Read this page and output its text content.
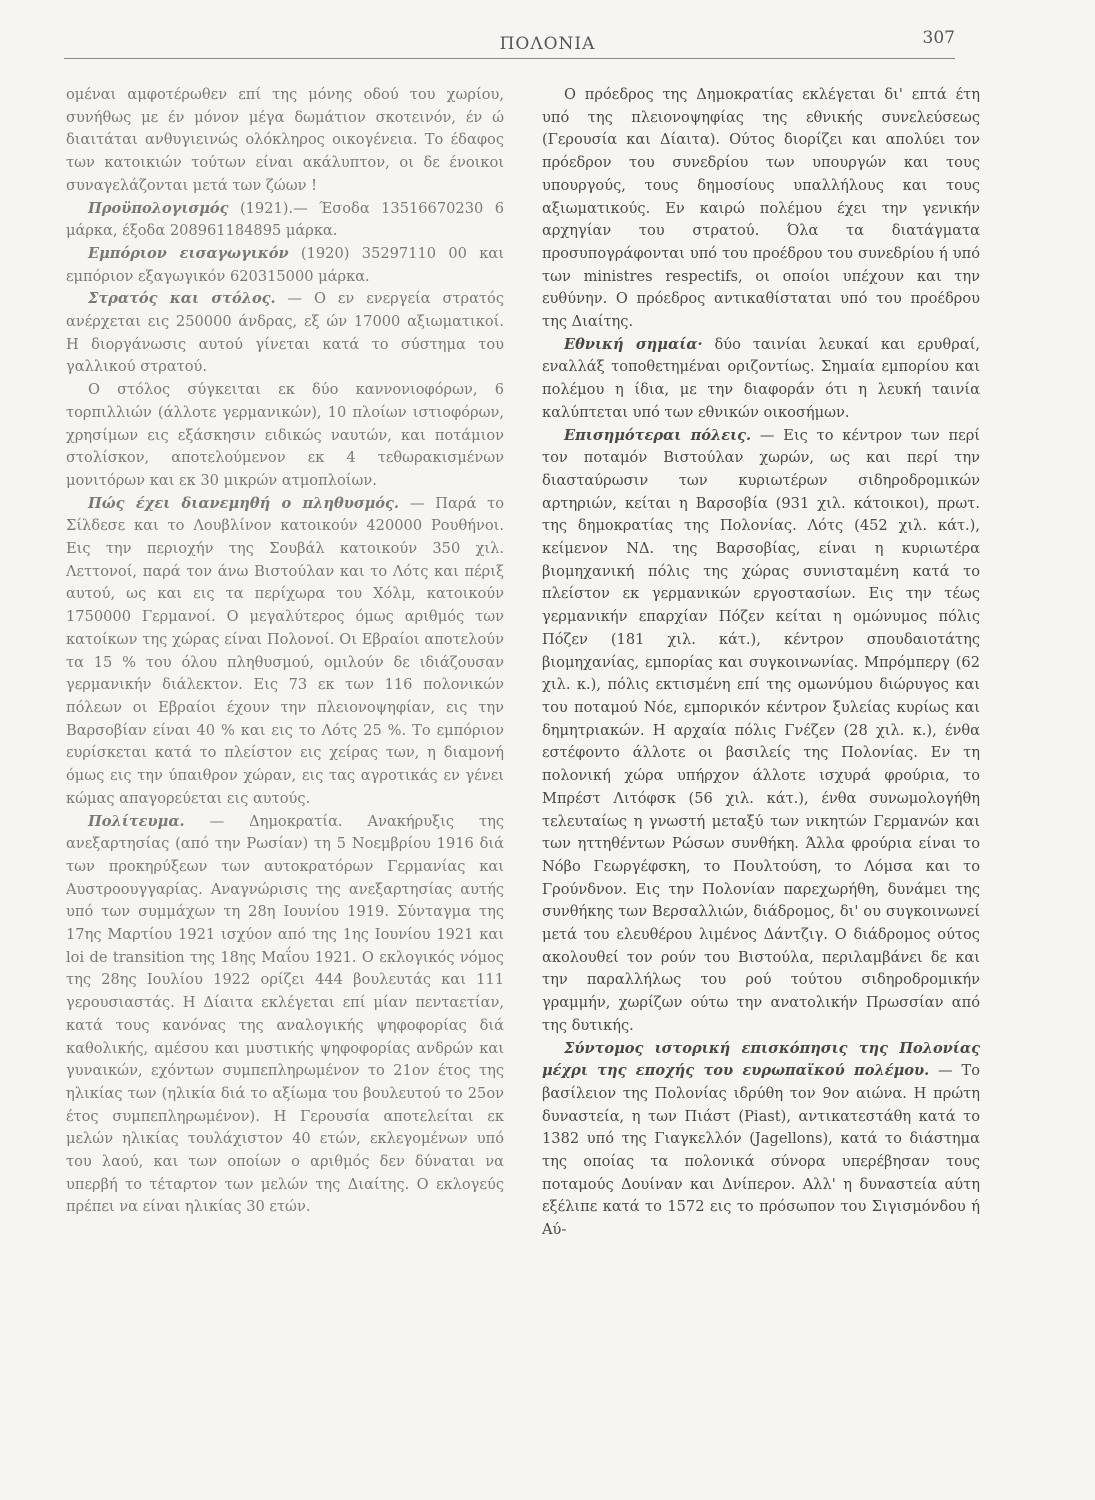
ΠΟΛΟΝΙΑ	307

ομέναι αμφοτέρωθεν επί της μόνης οδού του χωρίου, συνήθως με έν μόνον μέγα δωμάτιον σκοτεινόν, έν ώ διαιτάται ανθυγιεινώς ολόκληρος οικογένεια. Το έδαφος των κατοικιών τούτων είναι ακάλυπτον, οι δε ένοικοι συναγελάζονται μετά των ζώων !

Προϋπολογισμός (1921).— Έσοδα 13516670230 6 μάρκα, έξοδα 208961184895 μάρκα.

Εμπόριον εισαγωγικόν (1920) 35297110 00 και εμπόριον εξαγωγικόν 620315000 μάρκα.

Στρατός και στόλος. — Ο εν ενεργεία στρατός ανέρχεται εις 250000 άνδρας, εξ ών 17000 αξιωματικοί. Η διοργάνωσις αυτού γίνεται κατά το σύστημα του γαλλικού στρατού.

Ο στόλος σύγκειται εκ δύο καννονιοφόρων, 6 τορπιλλιών (άλλοτε γερμανικών), 10 πλοίων ιστιοφόρων, χρησίμων εις εξάσκησιν ειδικώς ναυτών, και ποτάμιον στολίσκον, αποτελούμενον εκ 4 τεθωρακισμένων μονιτόρων και εκ 30 μικρών ατμοπλοίων.

Πώς έχει διανεμηθή ο πληθυσμός. — Παρά το Σίλδεσε και το Λουβλίνον κατοικούν 420000 Ρουθήνοι. Εις την περιοχήν της Σουβάλ κατοικούν 350 χιλ. Λεττονοί, παρά τον άνω Βιστούλαν και το Λότς και πέριξ αυτού, ως και εις τα περίχωρα του Χόλμ, κατοικούν 1750000 Γερμανοί. Ο μεγαλύτερος όμως αριθμός των κατοίκων της χώρας είναι Πολονοί. Οι Εβραίοι αποτελούν τα 15 % του όλου πληθυσμού, ομιλούν δε ιδιάζουσαν γερμανικήν διάλεκτον. Εις 73 εκ των 116 πολονικών πόλεων οι Εβραίοι έχουν την πλειονοψηφίαν, εις την Βαρσοβίαν είναι 40 % και εις το Λότς 25 %. Το εμπόριον ευρίσκεται κατά το πλείστον εις χείρας των, η διαμονή όμως εις την ύπαιθρον χώραν, εις τας αγροτικάς εν γένει κώμας απαγορεύεται εις αυτούς.

Πολίτευμα. — Δημοκρατία. Ανακήρυξις της ανεξαρτησίας (από την Ρωσίαν) τη 5 Νοεμβρίου 1916 διά των προκηρύξεων των αυτοκρατόρων Γερμανίας και Αυστροουγγαρίας. Αναγνώρισις της ανεξαρτησίας αυτής υπό των συμμάχων τη 28η Ιουνίου 1919. Σύνταγμα της 17ης Μαρτίου 1921 ισχύον από της 1ης Ιουνίου 1921 και loi de transition της 18ης Μαΐου 1921. Ο εκλογικός νόμος της 28ης Ιουλίου 1922 ορίζει 444 βουλευτάς και 111 γερουσιαστάς. Η Δίαιτα εκλέγεται επί μίαν πενταετίαν, κατά τους κανόνας της αναλογικής ψηφοφορίας διά καθολικής, αμέσου και μυστικής ψηφοφορίας ανδρών και γυναικών, εχόντων συμπεπληρωμένον το 21ον έτος της ηλικίας των (ηλικία διά το αξίωμα του βουλευτού το 25ον έτος συμπεπληρωμένον). Η Γερουσία αποτελείται εκ μελών ηλικίας τουλάχιστον 40 ετών, εκλεγομένων υπό του λαού, και των οποίων ο αριθμός δεν δύναται να υπερβή το τέταρτον των μελών της Διαίτης. Ο εκλογεύς πρέπει να είναι ηλικίας 30 ετών.

Ο πρόεδρος της Δημοκρατίας εκλέγεται δι' επτά έτη υπό της πλειονοψηφίας της εθνικής συνελεύσεως (Γερουσία και Δίαιτα). Ούτος διορίζει και απολύει τον πρόεδρον του συνεδρίου των υπουργών και τους υπουργούς, τους δημοσίους υπαλλήλους και τους αξιωματικούς. Εν καιρώ πολέμου έχει την γενικήν αρχηγίαν του στρατού. Όλα τα διατάγματα προσυπογράφονται υπό του προέδρου του συνεδρίου ή υπό των ministres respectifs, οι οποίοι υπέχουν και την ευθύνην. Ο πρόεδρος αντικαθίσταται υπό του προέδρου της Διαίτης.

Εθνική σημαία· δύο ταινίαι λευκαί και ερυθραί, εναλλάξ τοποθετημέναι οριζοντίως. Σημαία εμπορίου και πολέμου η ίδια, με την διαφοράν ότι η λευκή ταινία καλύπτεται υπό των εθνικών οικοσήμων.

Επισημότεραι πόλεις. — Εις το κέντρον των περί τον ποταμόν Βιστούλαν χωρών, ως και περί την διασταύρωσιν των κυριωτέρων σιδηροδρομικών αρτηριών, κείται η Βαρσοβία (931 χιλ. κάτοικοι), πρωτ. της δημοκρατίας της Πολονίας. Λότς (452 χιλ. κάτ.), κείμενον ΝΔ. της Βαρσοβίας, είναι η κυριωτέρα βιομηχανική πόλις της χώρας συνισταμένη κατά το πλείστον εκ γερμανικών εργοστασίων. Εις την τέως γερμανικήν επαρχίαν Πόζεν κείται η ομώνυμος πόλις Πόζεν (181 χιλ. κάτ.), κέντρον σπουδαιοτάτης βιομηχανίας, εμπορίας και συγκοινωνίας. Μπρόμπεργ (62 χιλ. κ.), πόλις εκτισμένη επί της ομωνύμου διώρυγος και του ποταμού Νόε, εμπορικόν κέντρον ξυλείας κυρίως και δημητριακών. Η αρχαία πόλις Γνέζεν (28 χιλ. κ.), ένθα εστέφοντο άλλοτε οι βασιλείς της Πολονίας. Εν τη πολονική χώρα υπήρχον άλλοτε ισχυρά φρούρια, το Μπρέστ Λιτόφσκ (56 χιλ. κάτ.), ένθα συνωμολογήθη τελευταίως η γνωστή μεταξύ των νικητών Γερμανών και των ηττηθέντων Ρώσων συνθήκη. Άλλα φρούρια είναι το Νόβο Γεωργέφσκη, το Πουλτούση, το Λόμσα και το Γρούνδνον. Εις την Πολονίαν παρεχωρήθη, δυνάμει της συνθήκης των Βερσαλλιών, διάδρομος, δι' ου συγκοινωνεί μετά του ελευθέρου λιμένος Δάντζιγ. Ο διάδρομος ούτος ακολουθεί τον ρούν του Βιστούλα, περιλαμβάνει δε και την παραλλήλως του ρού τούτου σιδηροδρομικήν γραμμήν, χωρίζων ούτω την ανατολικήν Πρωσσίαν από της δυτικής.

Σύντομος ιστορική επισκόπησις της Πολονίας μέχρι της εποχής του ευρωπαϊκού πολέμου. — Το βασίλειον της Πολονίας ιδρύθη τον 9ον αιώνα. Η πρώτη δυναστεία, η των Πιάστ (Piast), αντικατεστάθη κατά το 1382 υπό της Γιαγκελλόν (Jagellons), κατά το διάστημα της οποίας τα πολονικά σύνορα υπερέβησαν τους ποταμούς Δουίναν και Δνίπερον. Αλλ' η δυναστεία αύτη εξέλιπε κατά το 1572 εις το πρόσωπον του Σιγισμόνδου ή Αύ-
